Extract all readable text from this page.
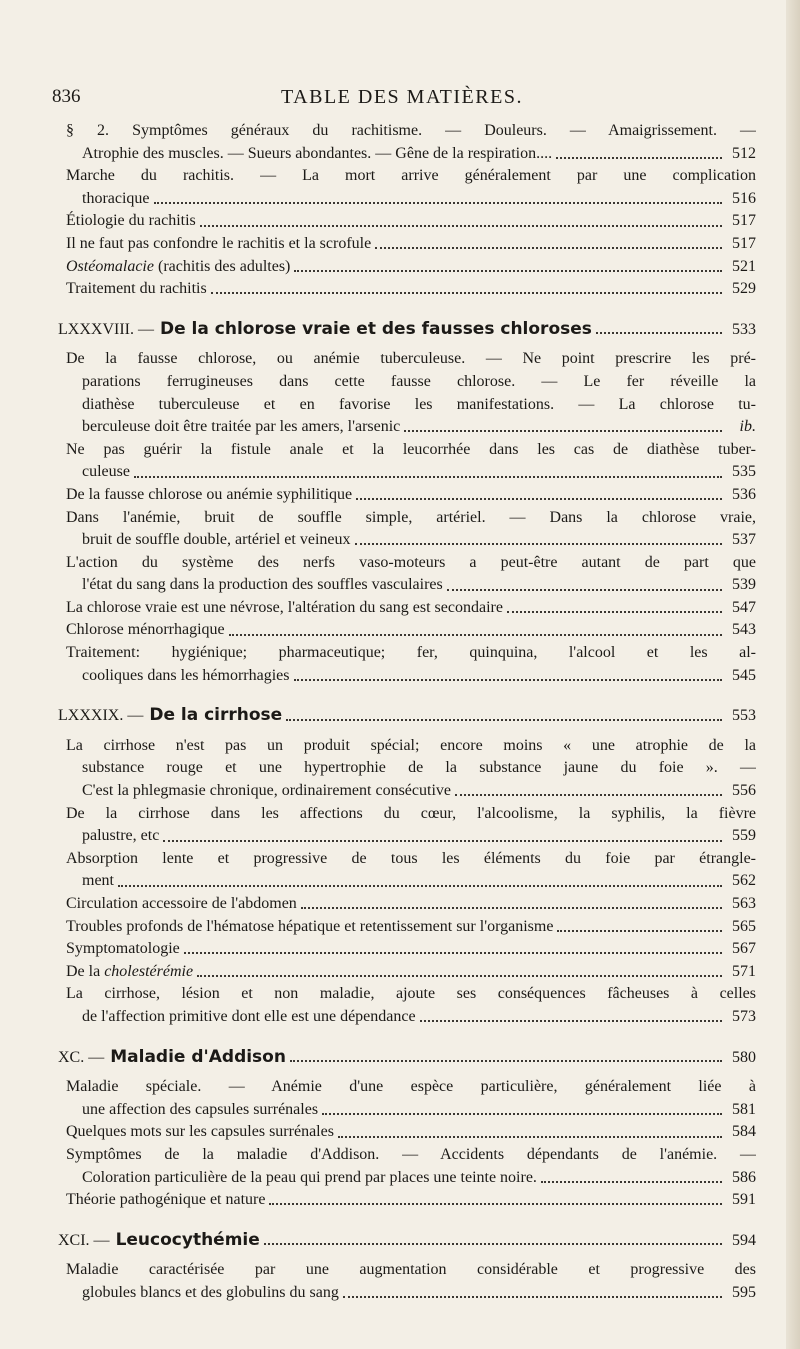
836	TABLE DES MATIÈRES.
§ 2. Symptômes généraux du rachitisme. — Douleurs. — Amaigrissement. —
Atrophie des muscles. — Sueurs abondantes. — Gêne de la respiration....	512
Marche du rachitis. — La mort arrive généralement par une complication
thoracique	516
Étiologie du rachitis	517
Il ne faut pas confondre le rachitis et la scrofule	517
Ostéomalacie
(rachitis des adultes)	521
Traitement du rachitis	529
LXXXVIII. — De la chlorose vraie et des fausses chloroses	533
De la fausse chlorose, ou anémie tuberculeuse. — Ne point prescrire les pré-
parations ferrugineuses dans cette fausse chlorose. — Le fer réveille la
diathèse tuberculeuse et en favorise les manifestations. — La chlorose tu-
berculeuse doit être traitée par les amers, l'arsenic	ib.
Ne pas guérir la fistule anale et la leucorrhée dans les cas de diathèse tuber-
culeuse	535
De la fausse chlorose ou anémie syphilitique	536
Dans l'anémie, bruit de souffle simple, artériel. — Dans la chlorose vraie,
bruit de souffle double, artériel et veineux	537
L'action du système des nerfs vaso-moteurs a peut-être autant de part que
l'état du sang dans la production des souffles vasculaires	539
La chlorose vraie est une névrose, l'altération du sang est secondaire	547
Chlorose ménorrhagique	543
Traitement: hygiénique; pharmaceutique; fer, quinquina, l'alcool et les al-
cooliques dans les hémorrhagies	545
LXXXIX. — De la cirrhose	553
La cirrhose n'est pas un produit spécial; encore moins « une atrophie de la
substance rouge et une hypertrophie de la substance jaune du foie ». —
C'est la phlegmasie chronique, ordinairement consécutive	556
De la cirrhose dans les affections du cœur, l'alcoolisme, la syphilis, la fièvre
palustre, etc	559
Absorption lente et progressive de tous les éléments du foie par étrangle-
ment	562
Circulation accessoire de l'abdomen	563
Troubles profonds de l'hématose hépatique et retentissement sur l'organisme	565
Symptomatologie	567
De la
cholestérémie	571
La cirrhose, lésion et non maladie, ajoute ses conséquences fâcheuses à celles
de l'affection primitive dont elle est une dépendance	573
XC. — Maladie d'Addison	580
Maladie spéciale. — Anémie d'une espèce particulière, généralement liée à
une affection des capsules surrénales	581
Quelques mots sur les capsules surrénales	584
Symptômes de la maladie d'Addison. — Accidents dépendants de l'anémie. —
Coloration particulière de la peau qui prend par places une teinte noire.	586
Théorie pathogénique et nature	591
XCI. — Leucocythémie	594
Maladie caractérisée par une augmentation considérable et progressive des
globules blancs et des globulins du sang	595
